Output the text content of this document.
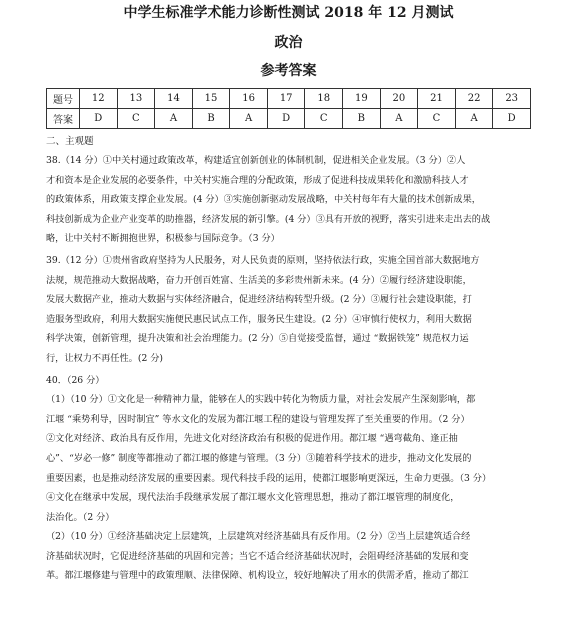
中学生标准学术能力诊断性测试 2018 年 12 月测试
政治
参考答案
题号	12	13	14	15	16	17	18	19	20	21	22	23
答案	D	C	A	B	A	D	C	B	A	C	A	D
二、主观题

38.（14 分）①中关村通过政策改革，构建适宜创新创业的体制机制，促进相关企业发展。（3 分）②人

才和资本是企业发展的必要条件，中关村实施合理的分配政策，形成了促进科技成果转化和激励科技人才

的政策体系，用政策支撑企业发展。(4 分）③实施创新驱动发展战略，中关村每年有大量的技术创新成果，

科技创新成为企业产业变革的助推器，经济发展的新引擎。(4 分）③具有开放的视野，落实引进来走出去的战

略，让中关村不断拥抱世界，积极参与国际竞争。（3 分）

39.（12 分）①贵州省政府坚持为人民服务，对人民负责的原则，坚持依法行政，实施全国首部大数据地方

法规，规范推动大数据战略，奋力开创百姓富、生活美的多彩贵州新未来。(4 分）②履行经济建设职能，

发展大数据产业，推动大数据与实体经济融合，促进经济结构转型升级。(2 分）③履行社会建设职能，打

造服务型政府，利用大数据实施便民惠民试点工作，服务民生建设。(2 分）④审慎行使权力，利用大数据

科学决策，创新管理，提升决策和社会治理能力。(2 分）⑤自觉接受监督，通过 “数据铁笼” 规范权力运

行，让权力不再任性。(2 分)

40．（26 分）

（1）（10 分）①文化是一种精神力量，能够在人的实践中转化为物质力量，对社会发展产生深刻影响，都

江堰 “乘势利导，因时制宜” 等水文化的发展为都江堰工程的建设与管理发挥了至关重要的作用。（2 分）

②文化对经济、政治具有反作用，先进文化对经济政治有积极的促进作用。都江堰 “遇弯截角、逢正抽

心”、“岁必一修” 制度等都推动了都江堰的修建与管理。（3 分）③随着科学技术的进步，推动文化发展的

重要因素，也是推动经济发展的重要因素。现代科技手段的运用，使都江堰影响更深远，生命力更强。（3 分）

④文化在继承中发展，现代法治手段继承发展了都江堰水文化管理思想，推动了都江堰管理的制度化，

法治化。（2 分）

（2）（10 分）①经济基础决定上层建筑，上层建筑对经济基础具有反作用。（2 分）②当上层建筑适合经

济基础状况时，它促进经济基础的巩固和完善；当它不适合经济基础状况时，会阻碍经济基础的发展和变

革。都江堰修建与管理中的政策理顺、法律保障、机构设立，较好地解决了用水的供需矛盾，推动了都江
